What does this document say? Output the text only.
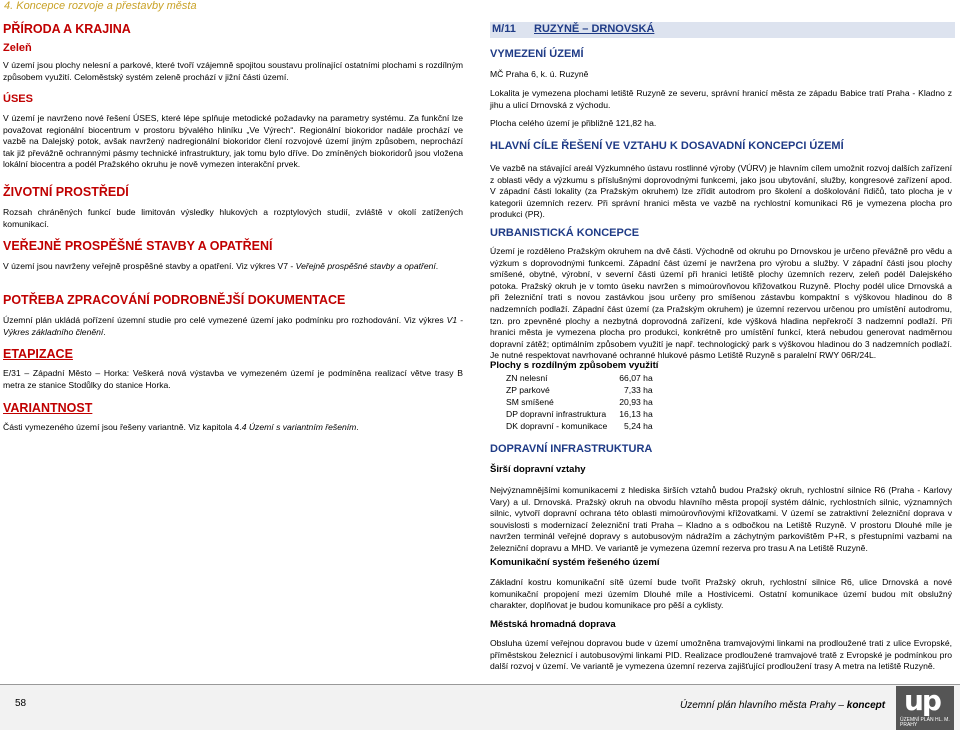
4. Koncepce rozvoje a přestavby města
PŘÍRODA A KRAJINA
Zeleň
V území jsou plochy nelesní a parkové, které tvoří vzájemně spojitou soustavu prolínající ostatními plochami s rozdílným způsobem využití. Celoměstský systém zeleně prochází v jižní části území.
ÚSES
V území je navrženo nové řešení ÚSES, které lépe splňuje metodické požadavky na parametry systému. Za funkční lze považovat regionální biocentrum v prostoru bývalého hliníku „Ve Výrech“. Regionální biokoridor nadále prochází ve vazbě na Dalejský potok, avšak navržený nadregionální biokoridor člení rozvojové území jiným způsobem, neprochází tak již převážně ochrannými pásmy technické infrastruktury, jak tomu bylo dříve. Do zmíněných biokoridorů jsou vložena lokální biocentra a podél Pražského okruhu je nově vymezen interakční prvek.
ŽIVOTNÍ PROSTŘEDÍ
Rozsah chráněných funkcí bude limitován výsledky hlukových a rozptylových studií, zvláště v okolí zatížených komunikací.
VEŘEJNĚ PROSPĚŠNÉ STAVBY A OPATŘENÍ
V území jsou navrženy veřejně prospěšné stavby a opatření. Viz výkres V7 - Veřejně prospěšné stavby a opatření.
POTŘEBA ZPRACOVÁNÍ PODROBNĚJŠÍ DOKUMENTACE
Územní plán ukládá pořízení územní studie pro celé vymezené území jako podmínku pro rozhodování. Viz výkres V1 - Výkres základního členění.
ETAPIZACE
E/31 – Západní Město – Horka: Veškerá nová výstavba ve vymezeném území je podmíněna realizací větve trasy B metra ze stanice Stodůlky do stanice Horka.
VARIANTNOST
Části vymezeného území jsou řešeny variantně. Viz kapitola 4.4 Území s variantním řešením.
M/11 RUZYNĚ – DRNOVSKÁ
VYMEZENÍ ÚZEMÍ
MČ Praha 6, k. ú. Ruzyně
Lokalita je vymezena plochami letiště Ruzyně ze severu, správní hranicí města ze západu Babice tratí Praha - Kladno z jihu a ulicí Drnovská z východu.
Plocha celého území je přibližně 121,82 ha.
HLAVNÍ CÍLE ŘEŠENÍ VE VZTAHU K DOSAVADNÍ KONCEPCI ÚZEMÍ
Ve vazbě na stávající areál Výzkumného ústavu rostlinné výroby (VÚRV) je hlavním cílem umožnit rozvoj dalších zařízení z oblasti vědy a výzkumu s příslušnými doprovodnými funkcemi, jako jsou ubytování, služby, kongresové zařízení apod. V západní části lokality (za Pražským okruhem) lze zřídit autodrom pro školení a doškolování řidičů, tato plocha je v kategorii územních rezerv. Při správní hranici města ve vazbě na rychlostní komunikaci R6 je vymezena plocha pro produkci (PR).
URBANISTICKÁ KONCEPCE
Území je rozděleno Pražským okruhem na dvě části. Východně od okruhu po Drnovskou je určeno převážně pro vědu a výzkum s doprovodnými funkcemi. Západní část území je navržena pro výrobu a služby. V západní části jsou plochy smíšené, obytné, výrobní, v severní části území při hranici letiště plochy územních rezerv, zeleň podél Dalejského potoka. Pražský okruh je v tomto úseku navržen s mimoúrovňovou křižovatkou Ruzyně. Plochy podél ulice Drnovská a při železniční trati s novou zastávkou jsou určeny pro smíšenou zástavbu kompaktní s výškovou hladinou do 8 nadzemních podlaží. Západní část území (za Pražským okruhem) je územní rezervou určenou pro umístění autodromu, tzn. pro zpevněné plochy a nezbytná doprovodná zařízení, kde výšková hladina nepřekročí 3 nadzemní podlaží. Při hranici města je vymezena plocha pro produkci, konkrétně pro umístění funkcí, která nebudou generovat nadměrnou dopravní zátěž; optimálním způsobem využití je např. technologický park s výškovou hladinou do 3 nadzemních podlaží. Je nutné respektovat navrhované ochranné hlukové pásmo Letiště Ruzyně s paralelní RWY 06R/24L.
Plochy s rozdílným způsobem využití
ZN nelesní	66,07 ha
ZP parkové	7,33 ha
SM smíšené	20,93 ha
DP dopravní infrastruktura	16,13 ha
DK dopravní - komunikace	5,24 ha
DOPRAVNÍ INFRASTRUKTURA
Širší dopravní vztahy
Nejvýznamnějšími komunikacemi z hlediska širších vztahů budou Pražský okruh, rychlostní silnice R6 (Praha - Karlovy Vary) a ul. Drnovská. Pražský okruh na obvodu hlavního města propojí systém dálnic, rychlostních silnic, významných silnic, vytvoří dopravní ochrana této oblasti mimoúrovňovými křižovatkami. V území se zatraktivní železniční doprava v souvislosti s modernizací železniční trati Praha – Kladno a s odbočkou na Letiště Ruzyně. V prostoru Dlouhé míle je navržen terminál veřejné dopravy s autobusovým nádražím a záchytným parkovištěm P+R, s přestupními vazbami na železniční dopravu a MHD. Ve variantě je vymezena územní rezerva pro trasu A na Letiště Ruzyně.
Komunikační systém řešeného území
Základní kostru komunikační sítě území bude tvořit Pražský okruh, rychlostní silnice R6, ulice Drnovská a nové komunikační propojení mezi územím Dlouhé míle a Hostivicemi. Ostatní komunikace území budou mít obslužný charakter, doplňovat je budou komunikace pro pěší a cyklisty.
Městská hromadná doprava
Obsluha území veřejnou dopravou bude v území umožněna tramvajovými linkami na prodloužené trati z ulice Evropské, příměstskou železnicí i autobusovými linkami PID. Realizace prodloužené tramvajové tratě z Evropské je podmínkou pro další rozvoj v území. Ve variantě je vymezena územní rezerva zajišťující prodloužení trasy A metra na letiště Ruzyně.
58	Územní plán hlavního města Prahy – koncept up
ÚZEMNÍ PLÁN HL. M. PRAHY
